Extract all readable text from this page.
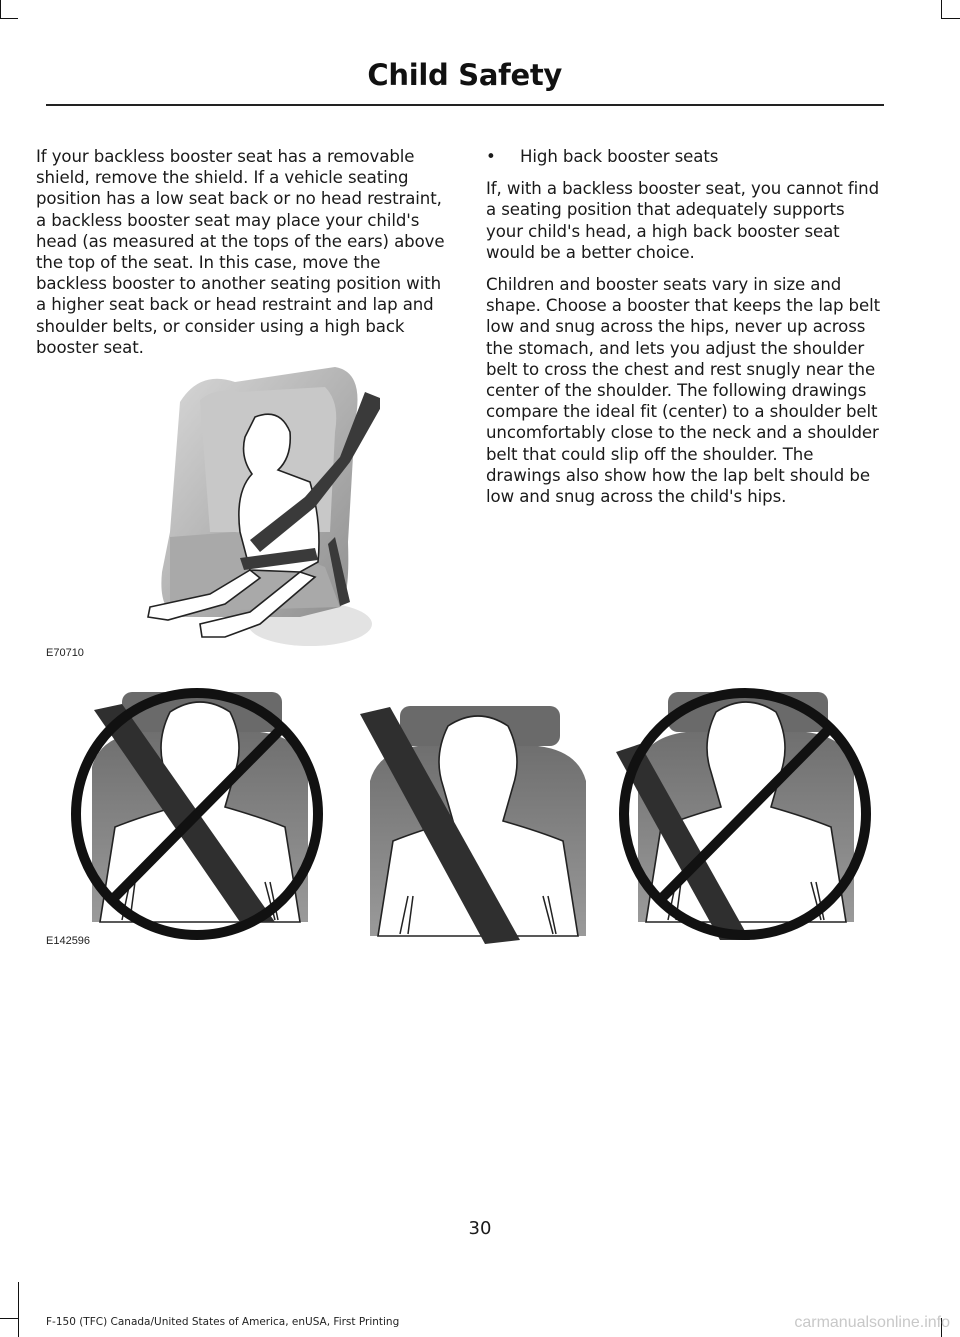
Child Safety

If your backless booster seat has a removable shield, remove the shield. If a vehicle seating position has a low seat back or no head restraint, a backless booster seat may place your child's head (as measured at the tops of the ears) above the top of the seat. In this case, move the backless booster to another seating position with a higher seat back or head restraint and lap and shoulder belts, or consider using a high back booster seat.

•	High back booster seats

If, with a backless booster seat, you cannot find a seating position that adequately supports your child's head, a high back booster seat would be a better choice.

Children and booster seats vary in size and shape. Choose a booster that keeps the lap belt low and snug across the hips, never up across the stomach, and lets you adjust the shoulder belt to cross the chest and rest snugly near the center of the shoulder. The following drawings compare the ideal fit (center) to a shoulder belt uncomfortably close to the neck and a shoulder belt that could slip off the shoulder. The drawings also show how the lap belt should be low and snug across the child's hips.

E70710
E142596
30
F-150 (TFC) Canada/United States of America, enUSA, First Printing	carmanualsonline.info
